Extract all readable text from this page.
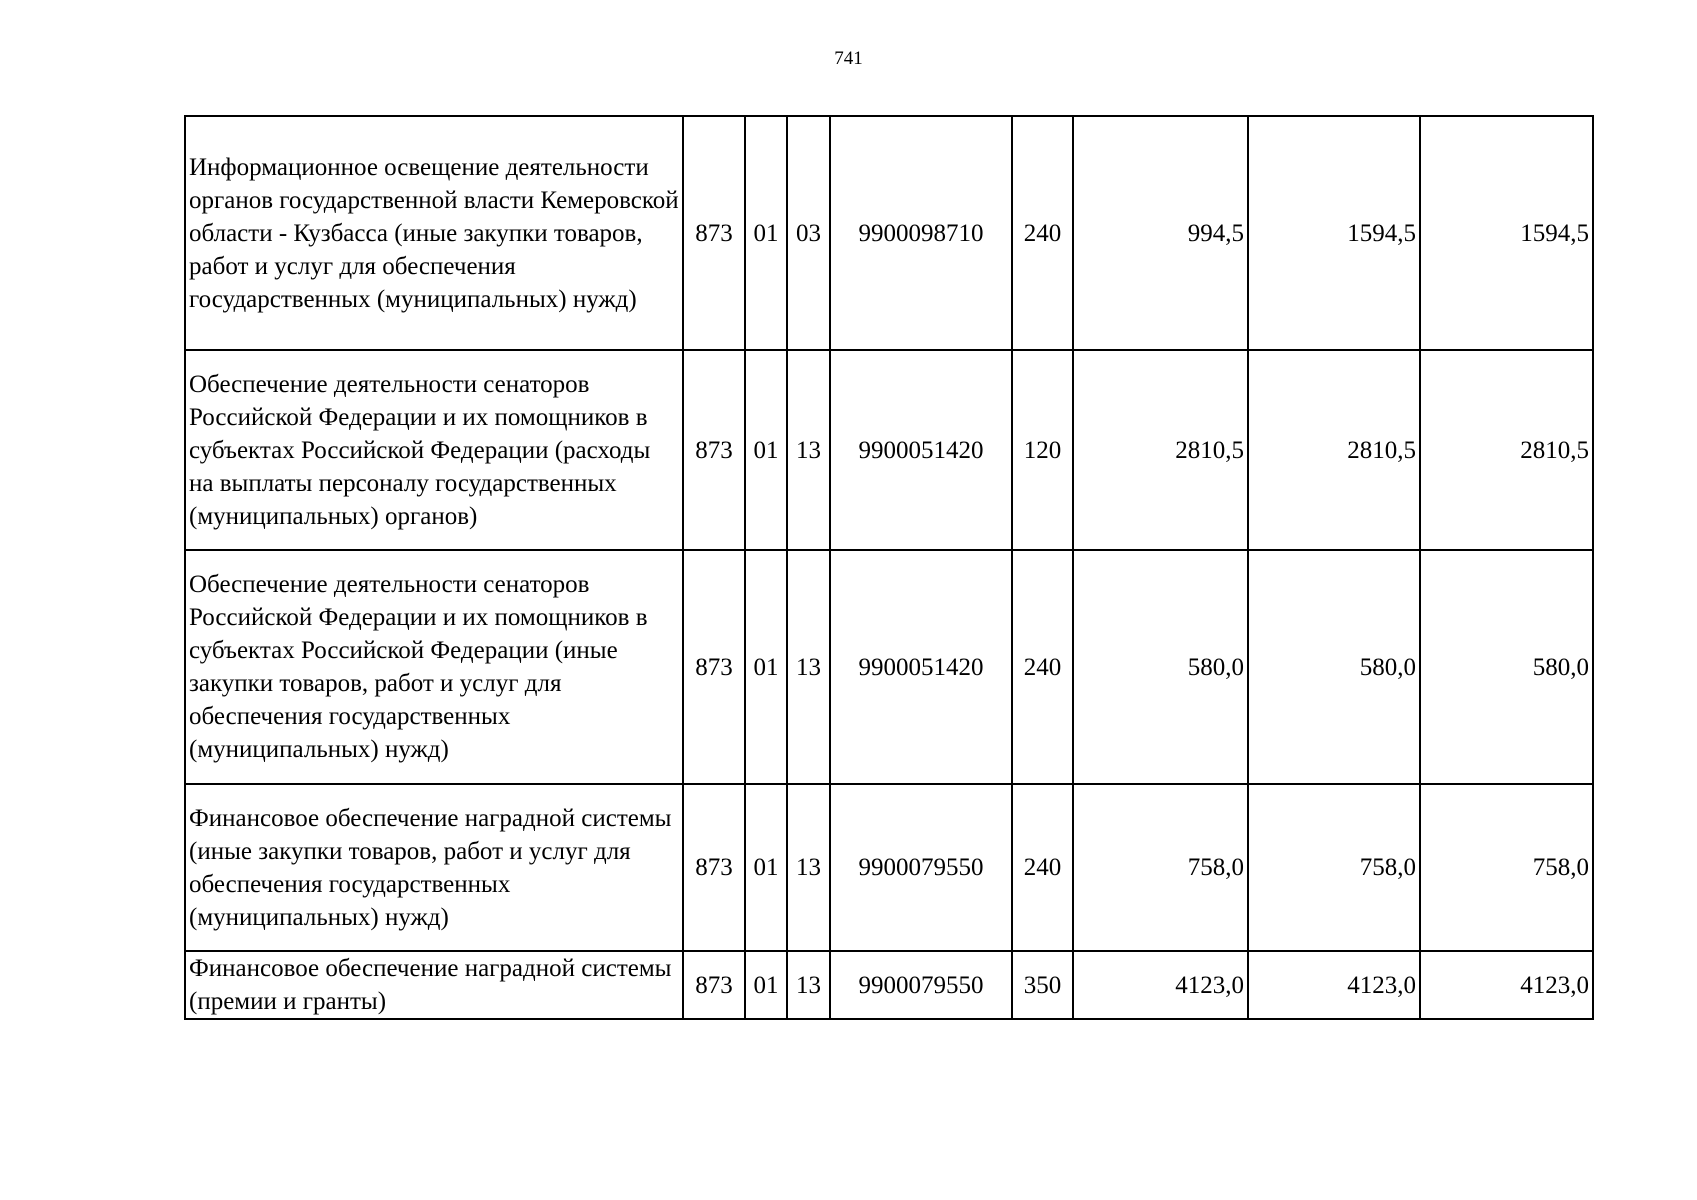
741
Информационное освещение деятельности органов государственной власти Кемеровской области - Кузбасса (иные закупки товаров, работ и услуг для обеспечения государственных (муниципальных) нужд)	873	01	03	9900098710	240	994,5	1594,5	1594,5
Обеспечение деятельности сенаторов Российской Федерации и их помощников в субъектах Российской Федерации (расходы на выплаты персоналу государственных (муниципальных) органов)	873	01	13	9900051420	120	2810,5	2810,5	2810,5
Обеспечение деятельности сенаторов Российской Федерации и их помощников в субъектах Российской Федерации (иные закупки товаров, работ и услуг для обеспечения государственных (муниципальных) нужд)	873	01	13	9900051420	240	580,0	580,0	580,0
Финансовое обеспечение наградной системы (иные закупки товаров, работ и услуг для обеспечения государственных (муниципальных) нужд)	873	01	13	9900079550	240	758,0	758,0	758,0
Финансовое обеспечение наградной системы (премии и гранты)	873	01	13	9900079550	350	4123,0	4123,0	4123,0
